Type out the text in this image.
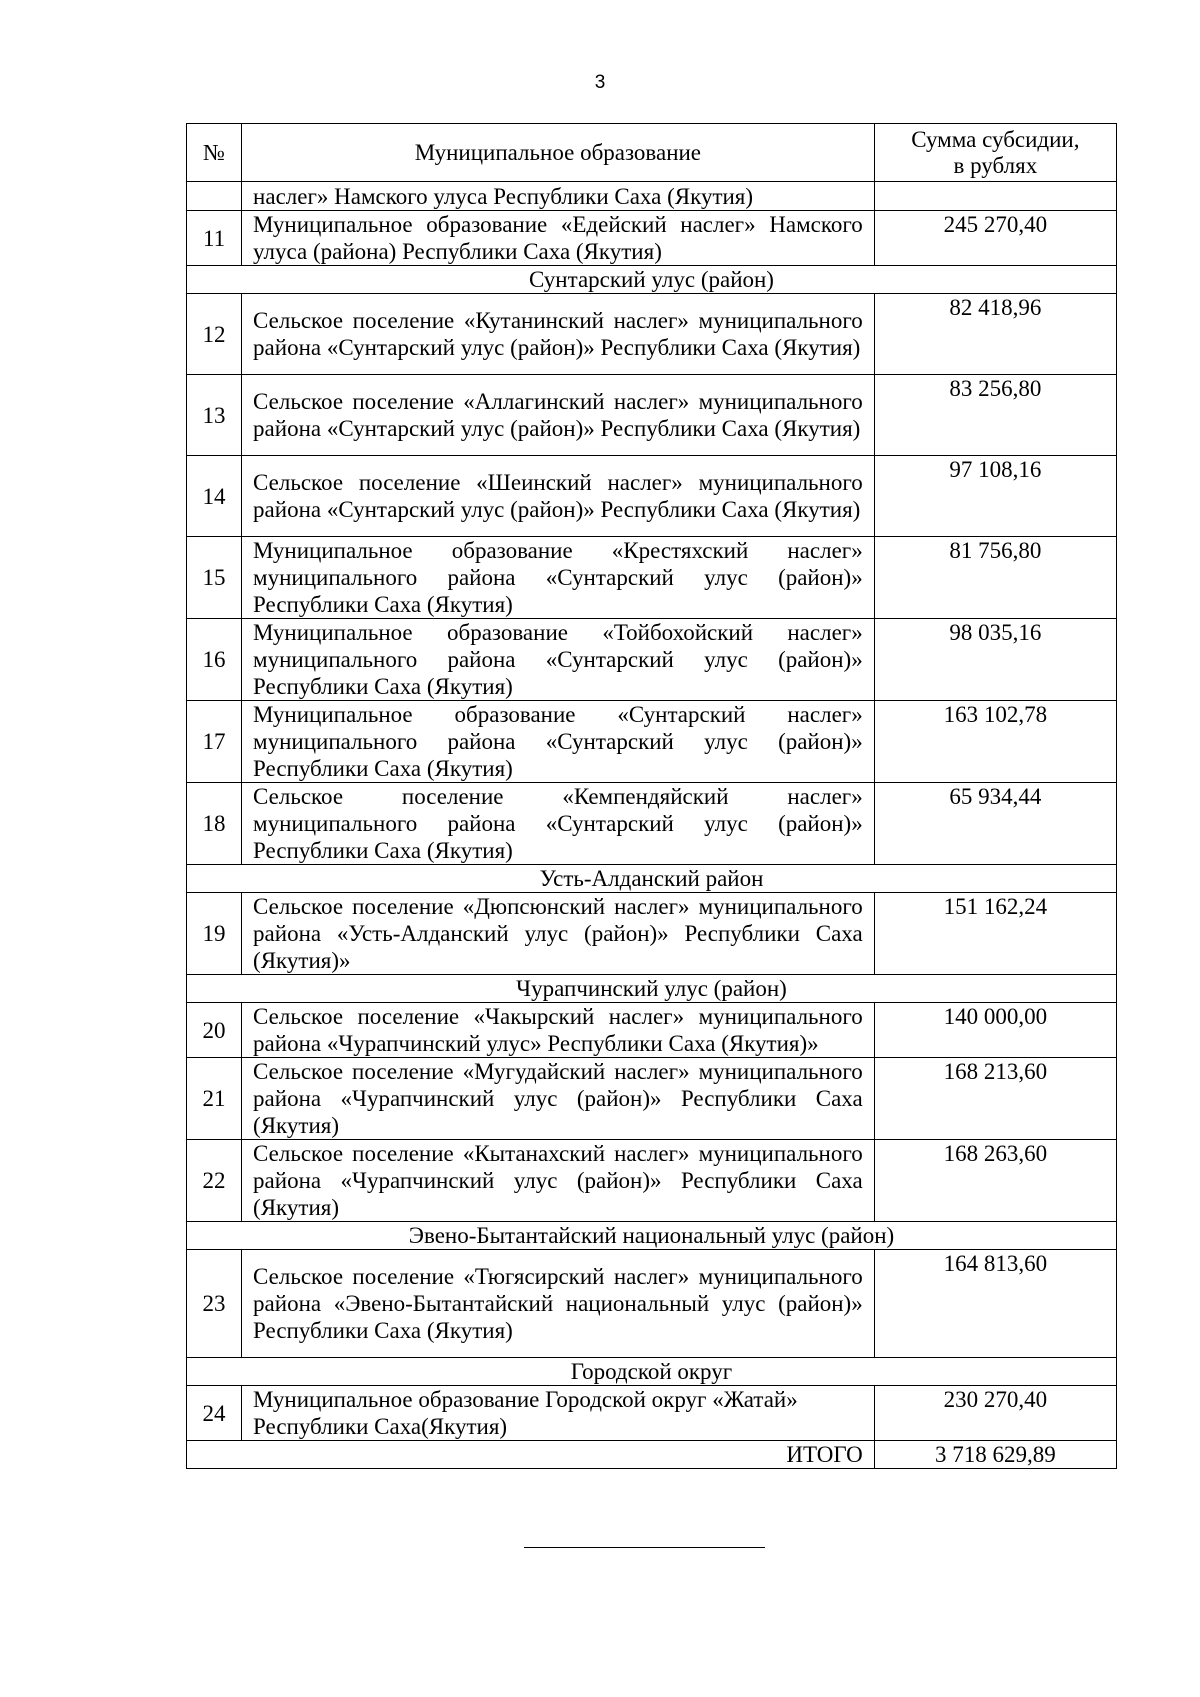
3
№	Муниципальное образование	Сумма субсидии,
в рублях

	наслег» Намского улуса Республики Саха (Якутия)	

11	Муниципальное образование «Едейский наслег» Намского улуса (района) Республики Саха (Якутия)	245 270,40
Сунтарский улус (район)		
12	Сельское поселение «Кутанинский наслег» муниципального района «Сунтарский улус (район)» Республики Саха (Якутия)	82 418,96
13	Сельское поселение «Аллагинский наслег» муниципального района «Сунтарский улус (район)» Республики Саха (Якутия)	83 256,80
14	Сельское поселение «Шеинский наслег» муниципального района «Сунтарский улус (район)» Республики Саха (Якутия)	97 108,16
15	Муниципальное образование «Крестяхский наслег» муниципального района «Сунтарский улус (район)» Республики Саха (Якутия)	81 756,80
16	Муниципальное образование «Тойбохойский наслег» муниципального района «Сунтарский улус (район)» Республики Саха (Якутия)	98 035,16
17	Муниципальное образование «Сунтарский наслег» муниципального района «Сунтарский улус (район)» Республики Саха (Якутия)	163 102,78
18	Сельское поселение «Кемпендяйский наслег» муниципального района «Сунтарский улус (район)» Республики Саха (Якутия)	65 934,44
Усть-Алданский район		
19	Сельское поселение «Дюпсюнский наслег» муниципального района «Усть-Алданский улус (район)» Республики Саха (Якутия)»	151 162,24
Чурапчинский улус (район)		
20	Сельское поселение «Чакырский наслег» муниципального района «Чурапчинский улус» Республики Саха (Якутия)»	140 000,00
21	Сельское поселение «Мугудайский наслег» муниципального района «Чурапчинский улус (район)» Республики Саха (Якутия)	168 213,60
22	Сельское поселение «Кытанахский наслег» муниципального района «Чурапчинский улус (район)» Республики Саха (Якутия)	168 263,60
Эвено-Бытантайский национальный улус (район)		
23	Сельское поселение «Тюгясирский наслег» муниципального района «Эвено-Бытантайский национальный улус (район)» Республики Саха (Якутия)	164 813,60
Городской округ		
24	Муниципальное образование Городской округ «Жатай» Республики Саха(Якутия)	230 270,40
ИТОГО		3 718 629,89
